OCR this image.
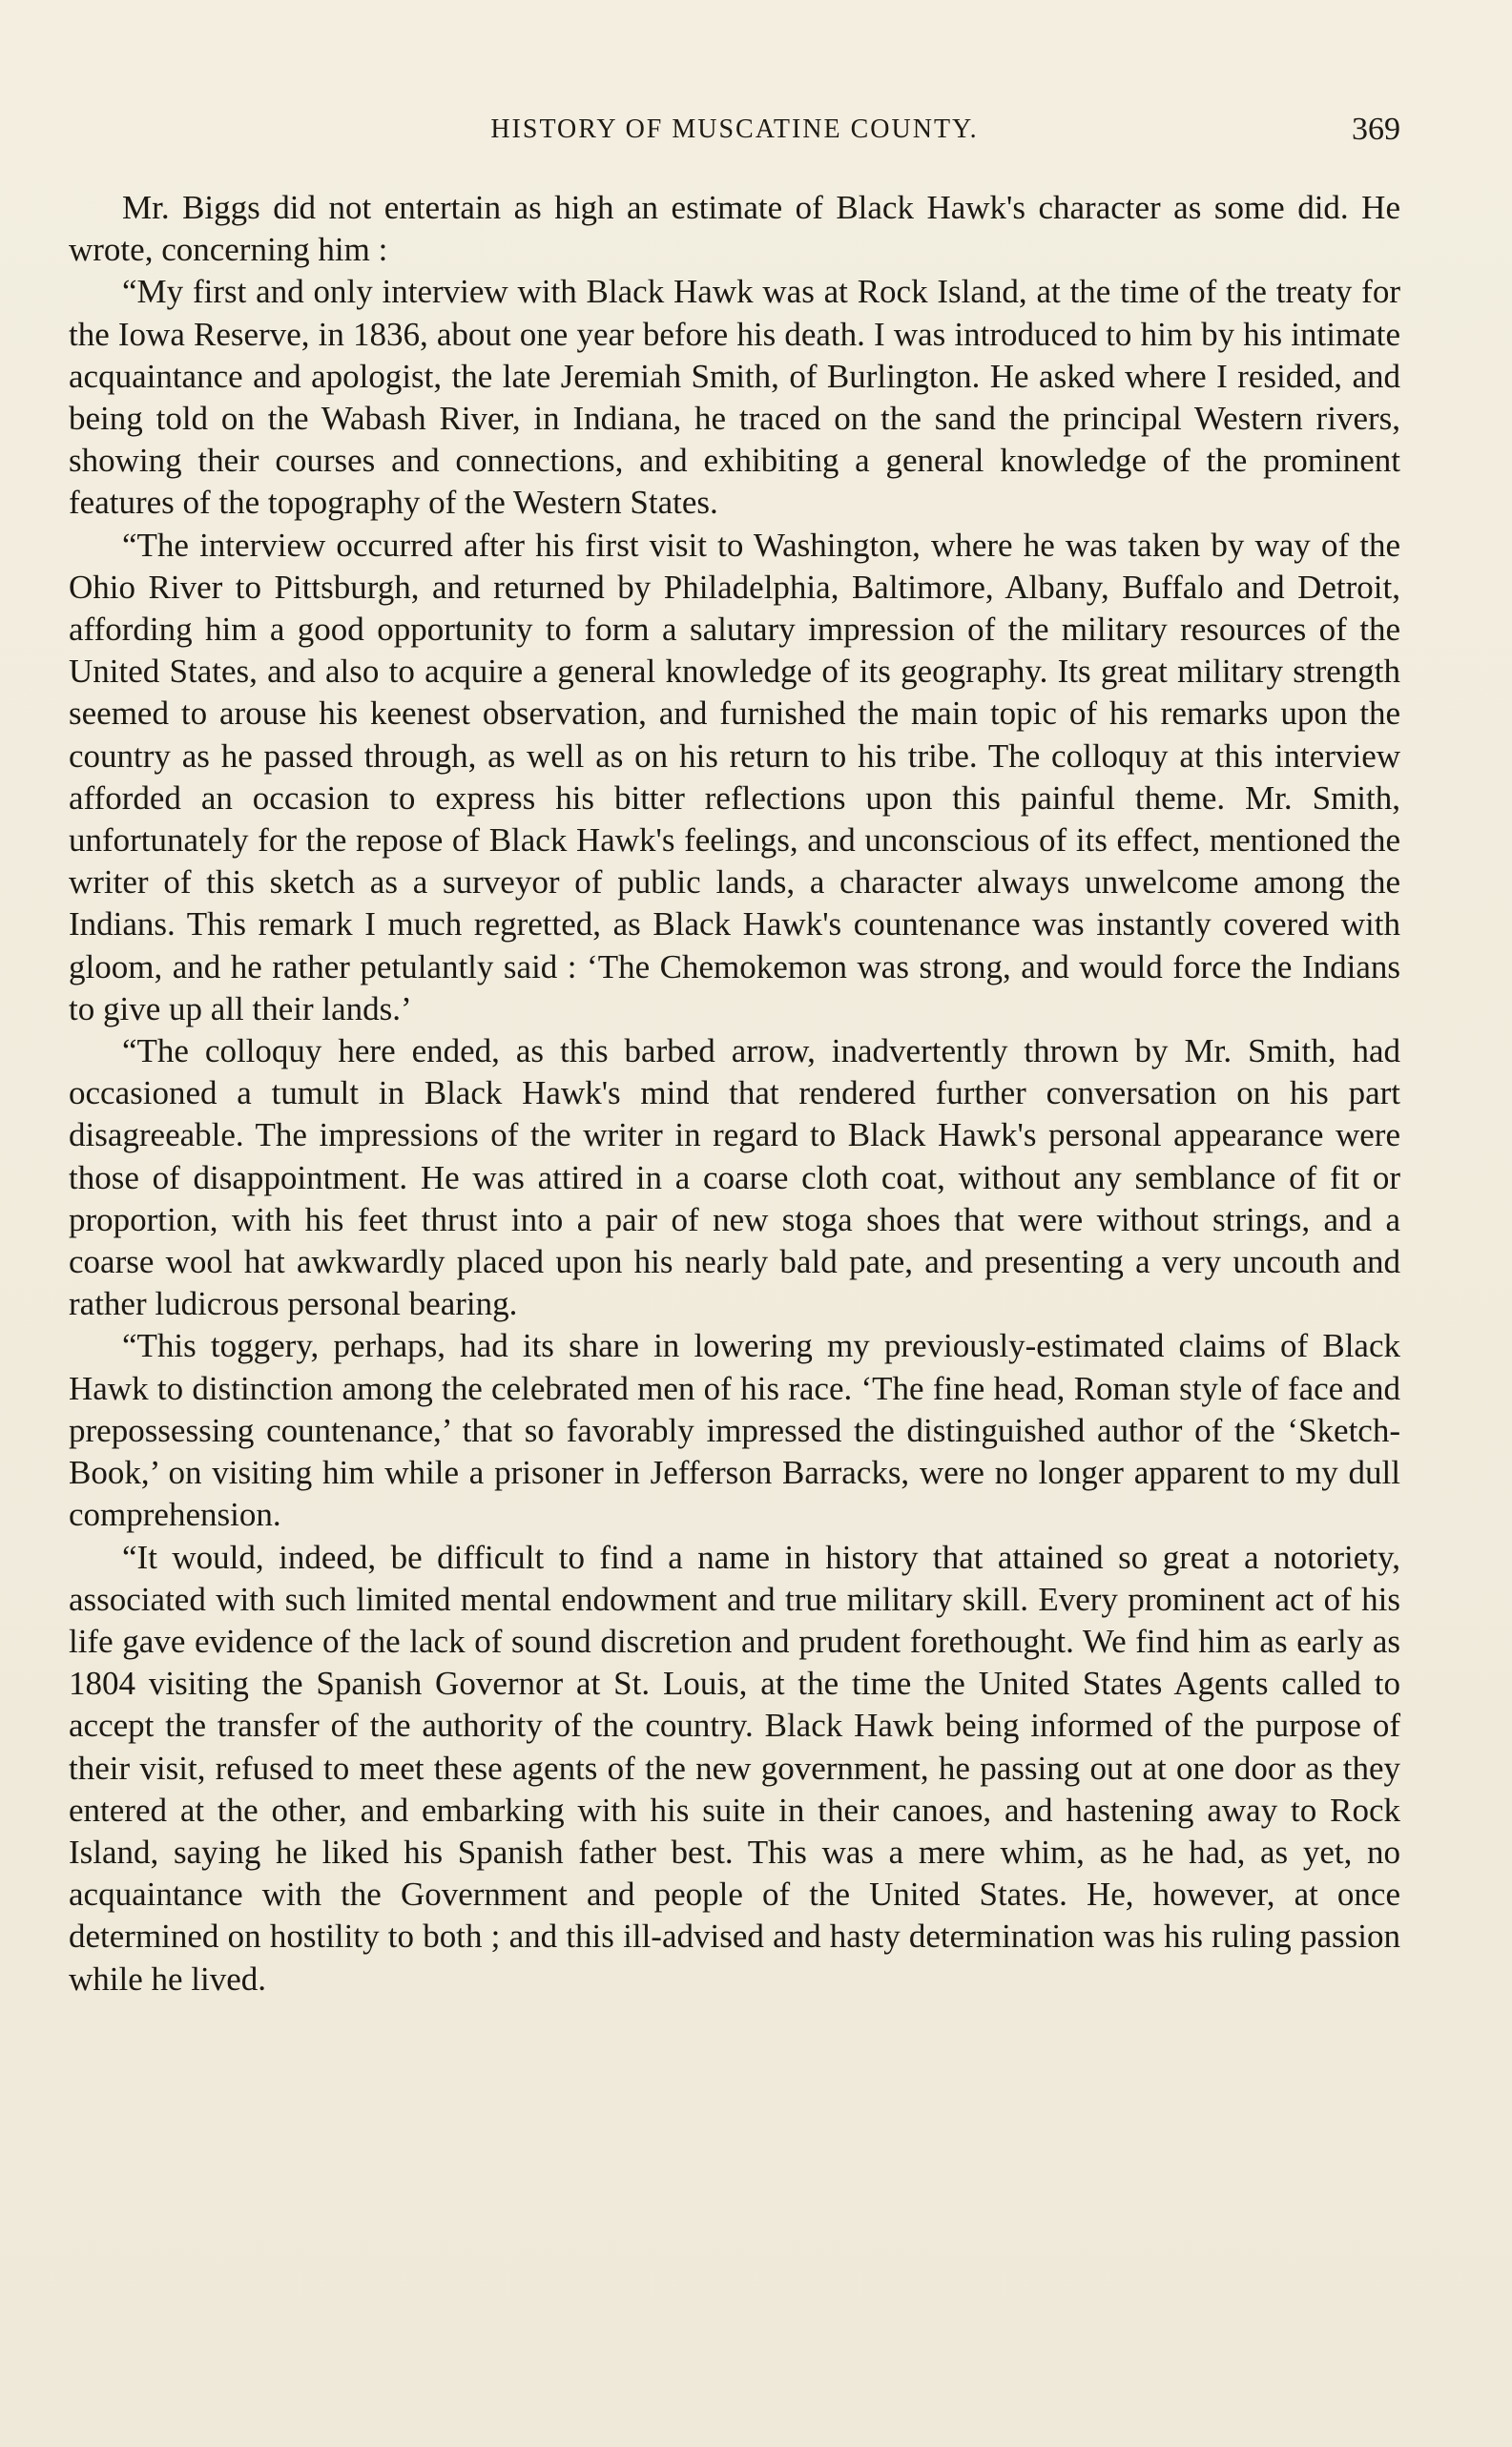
HISTORY OF MUSCATINE COUNTY.	369

Mr. Biggs did not entertain as high an estimate of Black Hawk's character as some did. He wrote, concerning him :

“My first and only interview with Black Hawk was at Rock Island, at the time of the treaty for the Iowa Reserve, in 1836, about one year before his death. I was introduced to him by his intimate acquaintance and apologist, the late Jeremiah Smith, of Burlington. He asked where I resided, and being told on the Wabash River, in Indiana, he traced on the sand the principal Western rivers, showing their courses and connections, and exhibiting a general knowledge of the prominent features of the topography of the Western States.

“The interview occurred after his first visit to Washington, where he was taken by way of the Ohio River to Pittsburgh, and returned by Philadelphia, Baltimore, Albany, Buffalo and Detroit, affording him a good opportunity to form a salutary impression of the military resources of the United States, and also to acquire a general knowledge of its geography. Its great military strength seemed to arouse his keenest observation, and furnished the main topic of his remarks upon the country as he passed through, as well as on his return to his tribe. The colloquy at this interview afforded an occasion to express his bitter reflections upon this painful theme. Mr. Smith, unfortunately for the repose of Black Hawk's feelings, and unconscious of its effect, mentioned the writer of this sketch as a surveyor of public lands, a character always unwelcome among the Indians. This remark I much regretted, as Black Hawk's countenance was instantly covered with gloom, and he rather petulantly said : ‘The Chemokemon was strong, and would force the Indians to give up all their lands.’

“The colloquy here ended, as this barbed arrow, inadvertently thrown by Mr. Smith, had occasioned a tumult in Black Hawk's mind that rendered further conversation on his part disagreeable. The impressions of the writer in regard to Black Hawk's personal appearance were those of disappointment. He was attired in a coarse cloth coat, without any semblance of fit or proportion, with his feet thrust into a pair of new stoga shoes that were without strings, and a coarse wool hat awkwardly placed upon his nearly bald pate, and presenting a very uncouth and rather ludicrous personal bearing.

“This toggery, perhaps, had its share in lowering my previously-estimated claims of Black Hawk to distinction among the celebrated men of his race. ‘The fine head, Roman style of face and prepossessing countenance,’ that so favorably impressed the distinguished author of the ‘Sketch-Book,’ on visiting him while a prisoner in Jefferson Barracks, were no longer apparent to my dull comprehension.

“It would, indeed, be difficult to find a name in history that attained so great a notoriety, associated with such limited mental endowment and true military skill. Every prominent act of his life gave evidence of the lack of sound discretion and prudent forethought. We find him as early as 1804 visiting the Spanish Governor at St. Louis, at the time the United States Agents called to accept the transfer of the authority of the country. Black Hawk being informed of the purpose of their visit, refused to meet these agents of the new government, he passing out at one door as they entered at the other, and embarking with his suite in their canoes, and hastening away to Rock Island, saying he liked his Spanish father best. This was a mere whim, as he had, as yet, no acquaintance with the Government and people of the United States. He, however, at once determined on hostility to both ; and this ill-advised and hasty determination was his ruling passion while he lived.
